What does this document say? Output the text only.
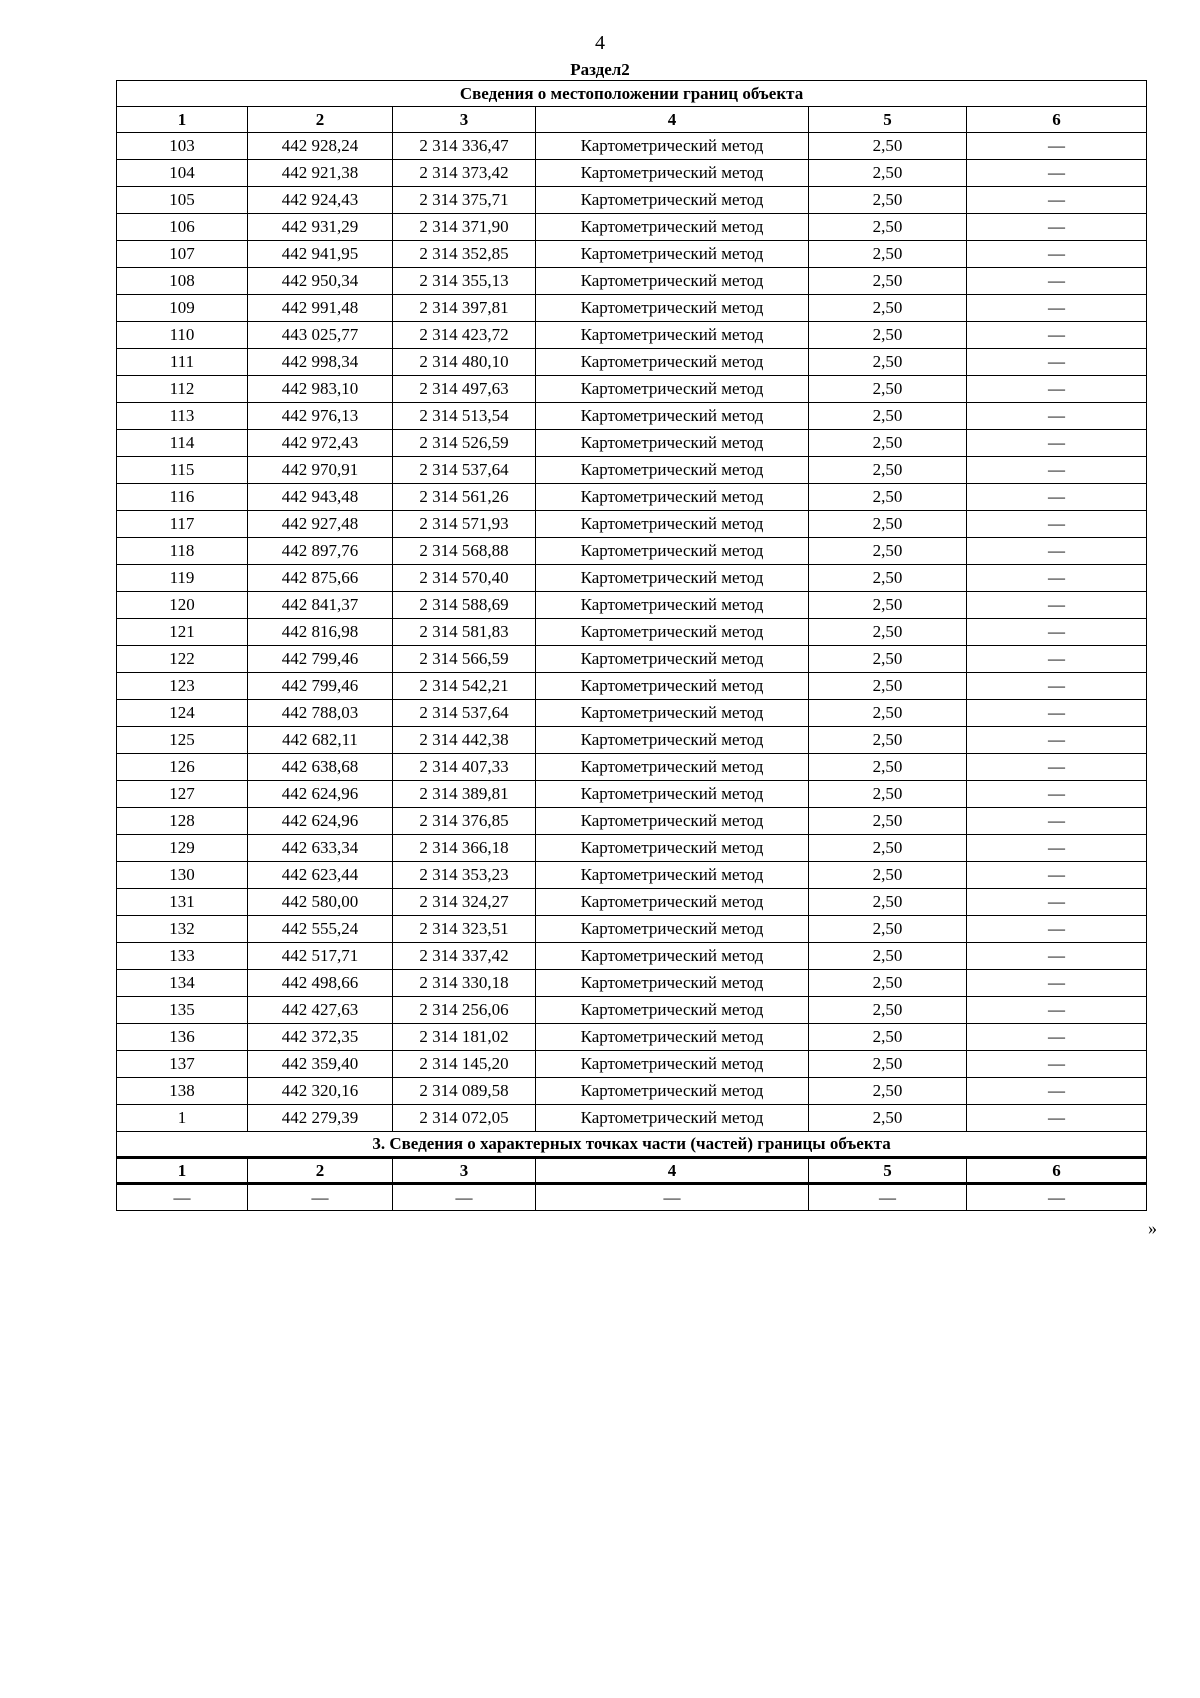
4
Раздел2
Сведения о местоположении границ объекта					
1	2	3	4	5	6
103	442 928,24	2 314 336,47	Картометрический метод	2,50	—
104	442 921,38	2 314 373,42	Картометрический метод	2,50	—
105	442 924,43	2 314 375,71	Картометрический метод	2,50	—
106	442 931,29	2 314 371,90	Картометрический метод	2,50	—
107	442 941,95	2 314 352,85	Картометрический метод	2,50	—
108	442 950,34	2 314 355,13	Картометрический метод	2,50	—
109	442 991,48	2 314 397,81	Картометрический метод	2,50	—
110	443 025,77	2 314 423,72	Картометрический метод	2,50	—
111	442 998,34	2 314 480,10	Картометрический метод	2,50	—
112	442 983,10	2 314 497,63	Картометрический метод	2,50	—
113	442 976,13	2 314 513,54	Картометрический метод	2,50	—
114	442 972,43	2 314 526,59	Картометрический метод	2,50	—
115	442 970,91	2 314 537,64	Картометрический метод	2,50	—
116	442 943,48	2 314 561,26	Картометрический метод	2,50	—
117	442 927,48	2 314 571,93	Картометрический метод	2,50	—
118	442 897,76	2 314 568,88	Картометрический метод	2,50	—
119	442 875,66	2 314 570,40	Картометрический метод	2,50	—
120	442 841,37	2 314 588,69	Картометрический метод	2,50	—
121	442 816,98	2 314 581,83	Картометрический метод	2,50	—
122	442 799,46	2 314 566,59	Картометрический метод	2,50	—
123	442 799,46	2 314 542,21	Картометрический метод	2,50	—
124	442 788,03	2 314 537,64	Картометрический метод	2,50	—
125	442 682,11	2 314 442,38	Картометрический метод	2,50	—
126	442 638,68	2 314 407,33	Картометрический метод	2,50	—
127	442 624,96	2 314 389,81	Картометрический метод	2,50	—
128	442 624,96	2 314 376,85	Картометрический метод	2,50	—
129	442 633,34	2 314 366,18	Картометрический метод	2,50	—
130	442 623,44	2 314 353,23	Картометрический метод	2,50	—
131	442 580,00	2 314 324,27	Картометрический метод	2,50	—
132	442 555,24	2 314 323,51	Картометрический метод	2,50	—
133	442 517,71	2 314 337,42	Картометрический метод	2,50	—
134	442 498,66	2 314 330,18	Картометрический метод	2,50	—
135	442 427,63	2 314 256,06	Картометрический метод	2,50	—
136	442 372,35	2 314 181,02	Картометрический метод	2,50	—
137	442 359,40	2 314 145,20	Картометрический метод	2,50	—
138	442 320,16	2 314 089,58	Картометрический метод	2,50	—
1	442 279,39	2 314 072,05	Картометрический метод	2,50	—
3. Сведения о характерных точках части (частей) границы объекта					
1	2	3	4	5	6
—	—	—	—	—	—
»
